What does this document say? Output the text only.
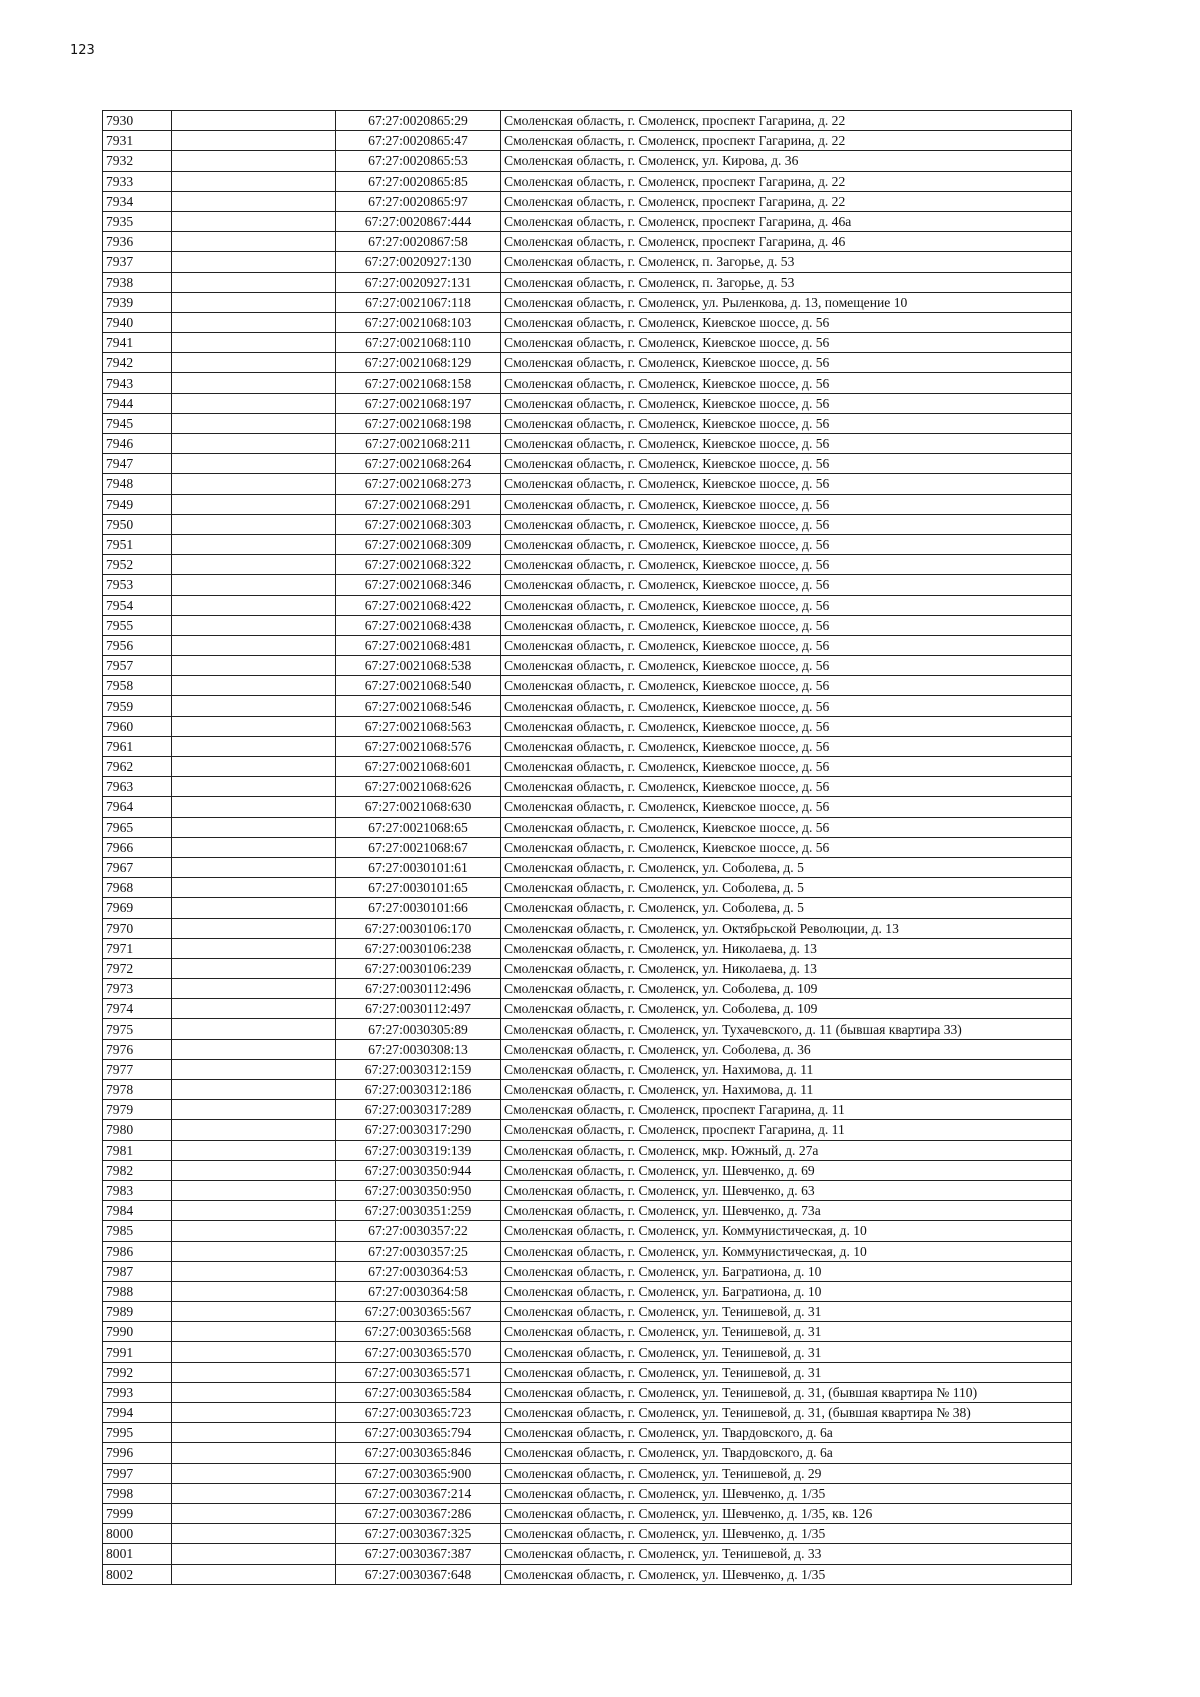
123
7930		67:27:0020865:29	Смоленская область, г. Смоленск, проспект Гагарина, д. 22
7931		67:27:0020865:47	Смоленская область, г. Смоленск, проспект Гагарина, д. 22
7932		67:27:0020865:53	Смоленская область, г. Смоленск, ул. Кирова, д. 36
7933		67:27:0020865:85	Смоленская область, г. Смоленск, проспект Гагарина, д. 22
7934		67:27:0020865:97	Смоленская область, г. Смоленск, проспект Гагарина, д. 22
7935		67:27:0020867:444	Смоленская область, г. Смоленск, проспект Гагарина, д. 46а
7936		67:27:0020867:58	Смоленская область, г. Смоленск, проспект Гагарина, д. 46
7937		67:27:0020927:130	Смоленская область, г. Смоленск, п. Загорье, д. 53
7938		67:27:0020927:131	Смоленская область, г. Смоленск, п. Загорье, д. 53
7939		67:27:0021067:118	Смоленская область, г. Смоленск, ул. Рыленкова, д. 13, помещение 10
7940		67:27:0021068:103	Смоленская область, г. Смоленск, Киевское шоссе, д. 56
7941		67:27:0021068:110	Смоленская область, г. Смоленск, Киевское шоссе, д. 56
7942		67:27:0021068:129	Смоленская область, г. Смоленск, Киевское шоссе, д. 56
7943		67:27:0021068:158	Смоленская область, г. Смоленск, Киевское шоссе, д. 56
7944		67:27:0021068:197	Смоленская область, г. Смоленск, Киевское шоссе, д. 56
7945		67:27:0021068:198	Смоленская область, г. Смоленск, Киевское шоссе, д. 56
7946		67:27:0021068:211	Смоленская область, г. Смоленск, Киевское шоссе, д. 56
7947		67:27:0021068:264	Смоленская область, г. Смоленск, Киевское шоссе, д. 56
7948		67:27:0021068:273	Смоленская область, г. Смоленск, Киевское шоссе, д. 56
7949		67:27:0021068:291	Смоленская область, г. Смоленск, Киевское шоссе, д. 56
7950		67:27:0021068:303	Смоленская область, г. Смоленск, Киевское шоссе, д. 56
7951		67:27:0021068:309	Смоленская область, г. Смоленск, Киевское шоссе, д. 56
7952		67:27:0021068:322	Смоленская область, г. Смоленск, Киевское шоссе, д. 56
7953		67:27:0021068:346	Смоленская область, г. Смоленск, Киевское шоссе, д. 56
7954		67:27:0021068:422	Смоленская область, г. Смоленск, Киевское шоссе, д. 56
7955		67:27:0021068:438	Смоленская область, г. Смоленск, Киевское шоссе, д. 56
7956		67:27:0021068:481	Смоленская область, г. Смоленск, Киевское шоссе, д. 56
7957		67:27:0021068:538	Смоленская область, г. Смоленск, Киевское шоссе, д. 56
7958		67:27:0021068:540	Смоленская область, г. Смоленск, Киевское шоссе, д. 56
7959		67:27:0021068:546	Смоленская область, г. Смоленск, Киевское шоссе, д. 56
7960		67:27:0021068:563	Смоленская область, г. Смоленск, Киевское шоссе, д. 56
7961		67:27:0021068:576	Смоленская область, г. Смоленск, Киевское шоссе, д. 56
7962		67:27:0021068:601	Смоленская область, г. Смоленск, Киевское шоссе, д. 56
7963		67:27:0021068:626	Смоленская область, г. Смоленск, Киевское шоссе, д. 56
7964		67:27:0021068:630	Смоленская область, г. Смоленск, Киевское шоссе, д. 56
7965		67:27:0021068:65	Смоленская область, г. Смоленск, Киевское шоссе, д. 56
7966		67:27:0021068:67	Смоленская область, г. Смоленск, Киевское шоссе, д. 56
7967		67:27:0030101:61	Смоленская область, г. Смоленск, ул. Соболева, д. 5
7968		67:27:0030101:65	Смоленская область, г. Смоленск, ул. Соболева, д. 5
7969		67:27:0030101:66	Смоленская область, г. Смоленск, ул. Соболева, д. 5
7970		67:27:0030106:170	Смоленская область, г. Смоленск, ул. Октябрьской Революции, д. 13
7971		67:27:0030106:238	Смоленская область, г. Смоленск, ул. Николаева, д. 13
7972		67:27:0030106:239	Смоленская область, г. Смоленск, ул. Николаева, д. 13
7973		67:27:0030112:496	Смоленская область, г. Смоленск, ул. Соболева, д. 109
7974		67:27:0030112:497	Смоленская область, г. Смоленск, ул. Соболева, д. 109
7975		67:27:0030305:89	Смоленская область, г. Смоленск, ул. Тухачевского, д. 11 (бывшая квартира 33)
7976		67:27:0030308:13	Смоленская область, г. Смоленск, ул. Соболева, д. 36
7977		67:27:0030312:159	Смоленская область, г. Смоленск, ул. Нахимова, д. 11
7978		67:27:0030312:186	Смоленская область, г. Смоленск, ул. Нахимова, д. 11
7979		67:27:0030317:289	Смоленская область, г. Смоленск, проспект Гагарина, д. 11
7980		67:27:0030317:290	Смоленская область, г. Смоленск, проспект Гагарина, д. 11
7981		67:27:0030319:139	Смоленская область, г. Смоленск, мкр. Южный, д. 27а
7982		67:27:0030350:944	Смоленская область, г. Смоленск, ул. Шевченко, д. 69
7983		67:27:0030350:950	Смоленская область, г. Смоленск, ул. Шевченко, д. 63
7984		67:27:0030351:259	Смоленская область, г. Смоленск, ул. Шевченко, д. 73а
7985		67:27:0030357:22	Смоленская область, г. Смоленск, ул. Коммунистическая, д. 10
7986		67:27:0030357:25	Смоленская область, г. Смоленск, ул. Коммунистическая, д. 10
7987		67:27:0030364:53	Смоленская область, г. Смоленск, ул. Багратиона, д. 10
7988		67:27:0030364:58	Смоленская область, г. Смоленск, ул. Багратиона, д. 10
7989		67:27:0030365:567	Смоленская область, г. Смоленск, ул. Тенишевой, д. 31
7990		67:27:0030365:568	Смоленская область, г. Смоленск, ул. Тенишевой, д. 31
7991		67:27:0030365:570	Смоленская область, г. Смоленск, ул. Тенишевой, д. 31
7992		67:27:0030365:571	Смоленская область, г. Смоленск, ул. Тенишевой, д. 31
7993		67:27:0030365:584	Смоленская область, г. Смоленск, ул. Тенишевой, д. 31, (бывшая квартира № 110)
7994		67:27:0030365:723	Смоленская область, г. Смоленск, ул. Тенишевой, д. 31, (бывшая квартира № 38)
7995		67:27:0030365:794	Смоленская область, г. Смоленск, ул. Твардовского, д. 6а
7996		67:27:0030365:846	Смоленская область, г. Смоленск, ул. Твардовского, д. 6а
7997		67:27:0030365:900	Смоленская область, г. Смоленск, ул. Тенишевой, д. 29
7998		67:27:0030367:214	Смоленская область, г. Смоленск, ул. Шевченко, д. 1/35
7999		67:27:0030367:286	Смоленская область, г. Смоленск, ул. Шевченко, д. 1/35, кв. 126
8000		67:27:0030367:325	Смоленская область, г. Смоленск, ул. Шевченко, д. 1/35
8001		67:27:0030367:387	Смоленская область, г. Смоленск, ул. Тенишевой, д. 33
8002		67:27:0030367:648	Смоленская область, г. Смоленск, ул. Шевченко, д. 1/35
